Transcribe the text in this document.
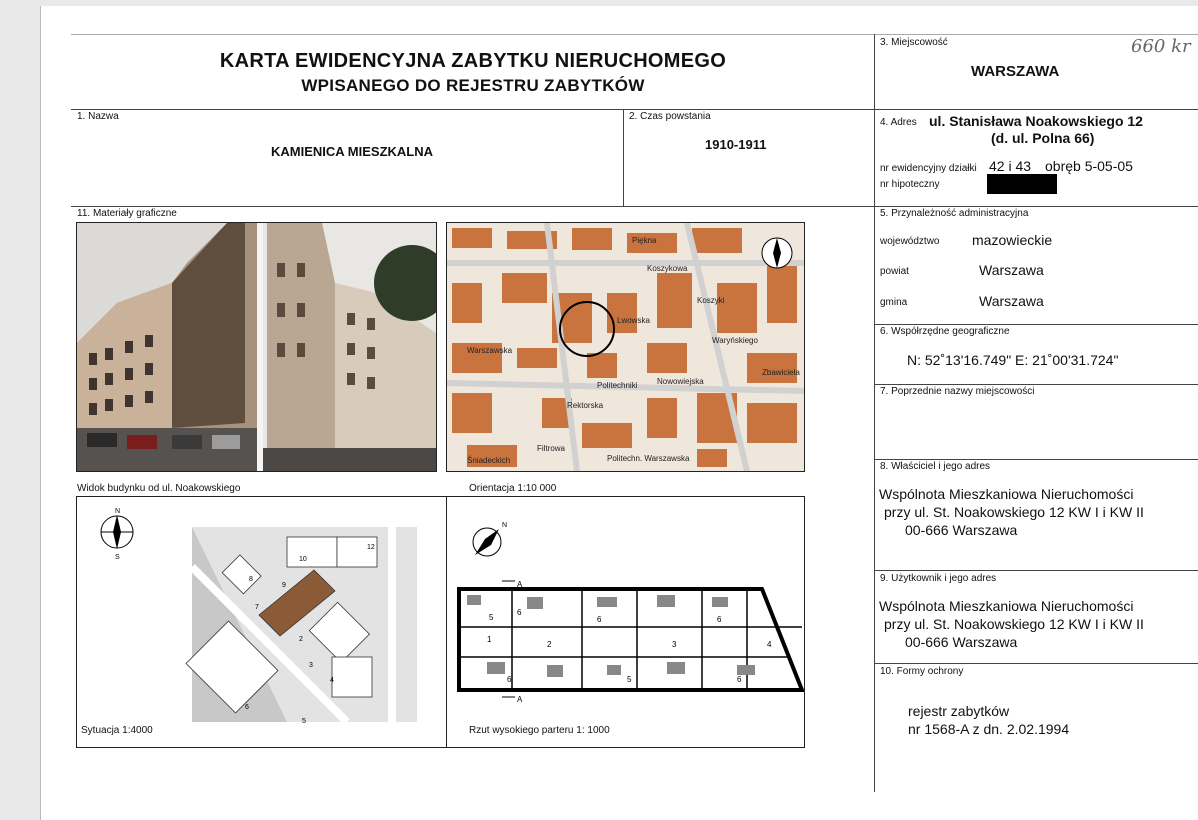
660 kr
KARTA EWIDENCYJNA ZABYTKU NIERUCHOMEGO
WPISANEGO DO REJESTRU ZABYTKÓW
3. Miejscowość
WARSZAWA
1. Nazwa
KAMIENICA MIESZKALNA
2. Czas powstania
1910-1911
4. Adres ul. Stanisława Noakowskiego 12
(d. ul. Polna 66)
nr ewidencyjny działki 42 i 43 obręb 5-05-05
nr hipoteczny
5. Przynależność administracyjna
województwo mazowieckie
powiat	Warszawa
gmina	Warszawa
6. Współrzędne geograficzne
N: 52˚13'16.749" E: 21˚00'31.724"
7. Poprzednie nazwy miejscowości
8. Właściciel i jego adres
Wspólnota Mieszkaniowa Nieruchomości
przy ul. St. Noakowskiego 12 KW I i KW II
00-666 Warszawa
9. Użytkownik i jego adres
Wspólnota Mieszkaniowa Nieruchomości
przy ul. St. Noakowskiego 12 KW I i KW II
00-666 Warszawa
10. Formy ochrony
rejestr zabytków
nr 1568-A z dn. 2.02.1994
11. Materiały graficzne
Widok budynku od ul. Noakowskiego
Piękna
Koszykowa
Warszawska
Nowowiejska
Waryńskiego
Rektorska
Filtrowa
Politechn. Warszawska
Śniadeckich
Lwowska
Koszyki
Politechniki
Zbawiciela
Orientacja 1:10 000
N
S	10
12
9
8
7
3
2
5
4
6
Sytuacja 1:4000
N
5
6
2	3
1
6	6
4
6	5	6
A
A
Rzut wysokiego parteru 1: 1000
